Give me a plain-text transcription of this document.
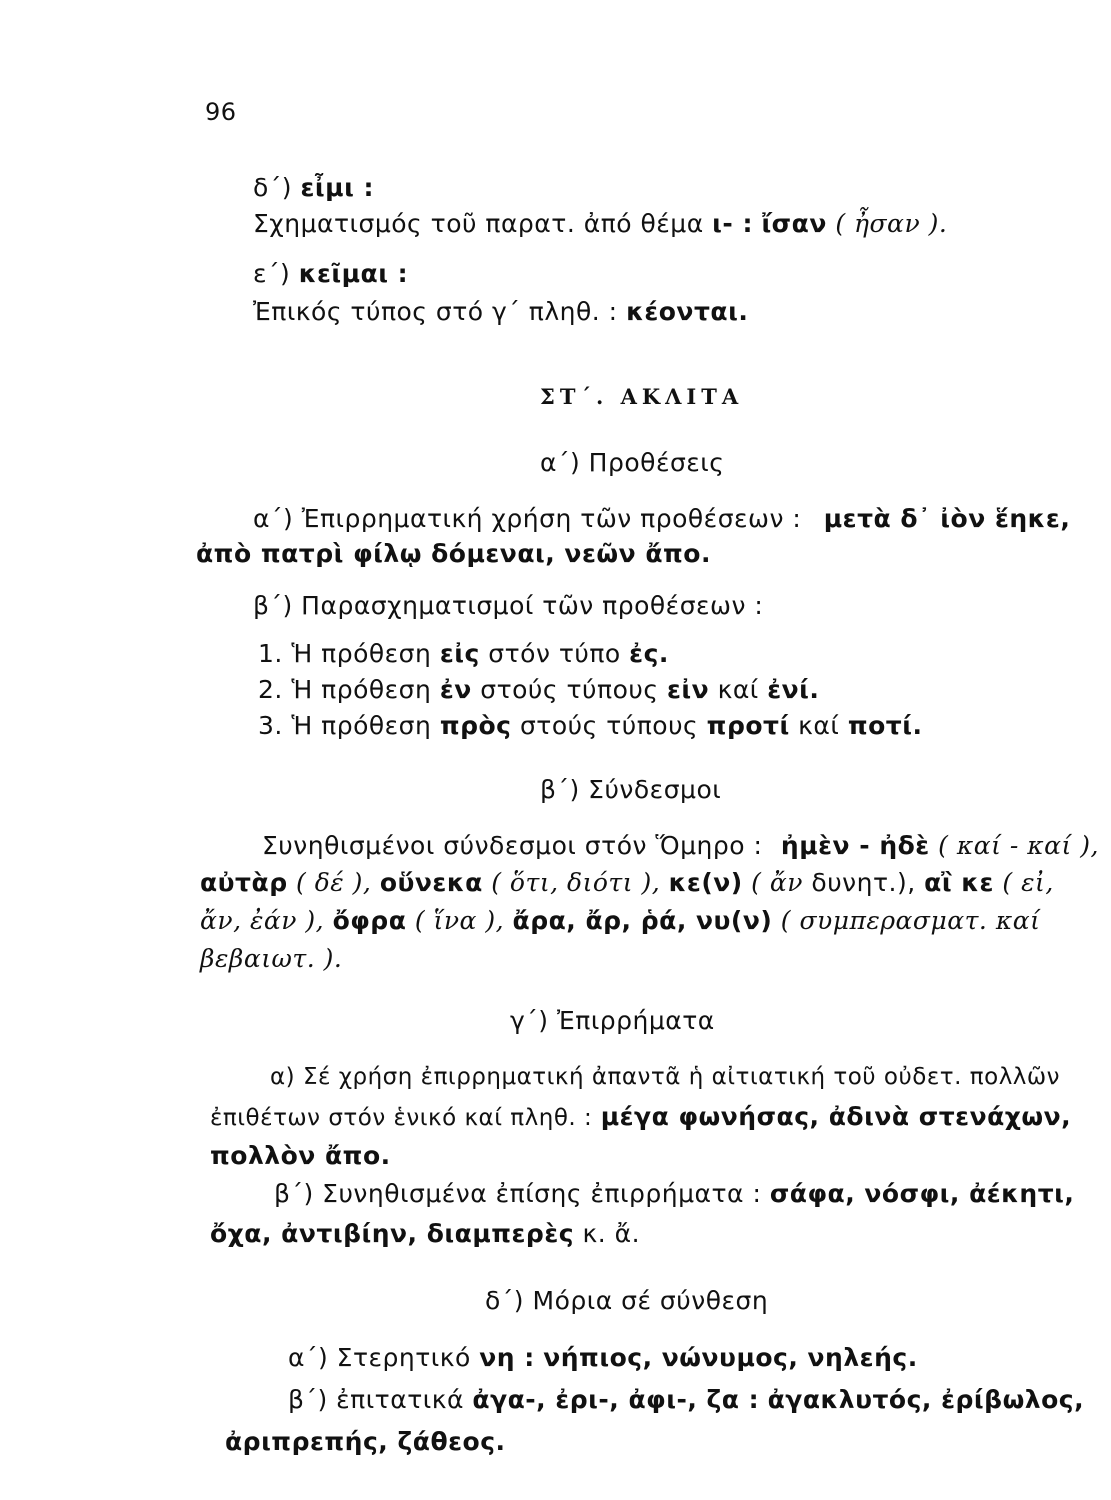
96
δ΄) εἶμι :
Σχηματισμός τοῦ παρατ. ἀπό θέμα ι- : ἴσαν ( ἦσαν ).
ε΄) κεῖμαι :
Ἐπικός τύπος στό γ΄ πληθ. : κέονται.
ΣΤ΄. ΑΚΛΙΤΑ
α΄) Προθέσεις
α΄) Ἐπιρρηματική χρήση τῶν προθέσεων : μετὰ δ᾽ ἰὸν ἕηκε,
ἀπὸ πατρὶ φίλῳ δόμεναι, νεῶν ἄπο.
β΄) Παρασχηματισμοί τῶν προθέσεων :
1. Ἡ πρόθεση εἰς στόν τύπο ἐς.
2. Ἡ πρόθεση ἐν στούς τύπους εἰν καί ἐνί.
3. Ἡ πρόθεση πρὸς στούς τύπους προτί καί ποτί.
β΄) Σύνδεσμοι
Συνηθισμένοι σύνδεσμοι στόν Ὅμηρο : ἠμὲν - ἠδὲ ( καί - καί ),
αὐτὰρ ( δέ ), οὕνεκα ( ὅτι, διότι ), κε(ν) ( ἄν δυνητ.), αἲ κε ( εἰ,
ἄν, ἐάν ), ὄφρα ( ἵνα ), ἄρα, ἄρ, ῥά, νυ(ν) ( συμπερασματ. καί
βεβαιωτ. ).
γ΄) Ἐπιρρήματα
α) Σέ χρήση ἐπιρρηματική ἀπαντᾶ ἡ αἰτιατική τοῦ οὐδετ. πολλῶν
ἐπιθέτων στόν ἑνικό καί πληθ. : μέγα φωνήσας, ἀδινὰ στενάχων,
πολλὸν ἄπο.
β΄) Συνηθισμένα ἐπίσης ἐπιρρήματα : σάφα, νόσφι, ἀέκητι,
ὄχα, ἀντιβίην, διαμπερὲς κ. ἄ.
δ΄) Μόρια σέ σύνθεση
α΄) Στερητικό νη : νήπιος, νώνυμος, νηλεής.
β΄) ἐπιτατικά ἀγα-, ἐρι-, ἀφι-, ζα : ἀγακλυτός, ἐρίβωλος,
ἀριπρεπής, ζάθεος.
